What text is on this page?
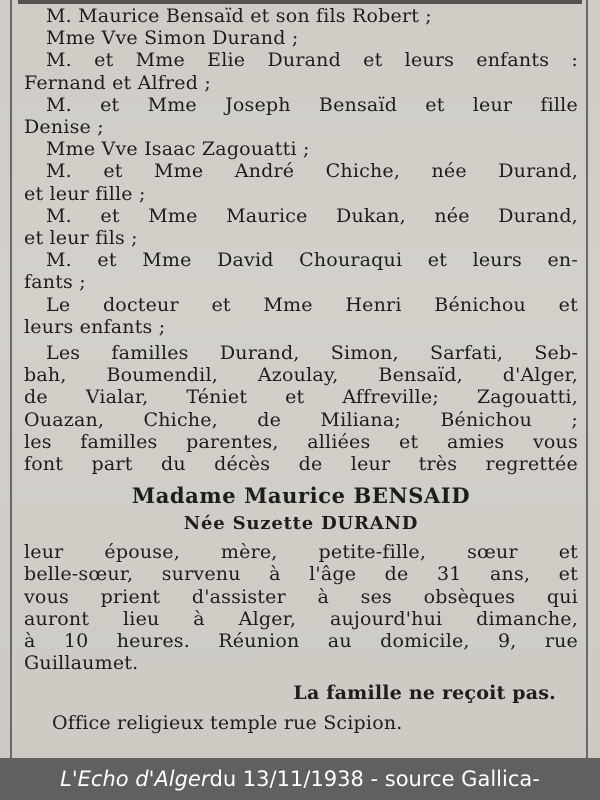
M. Maurice Bensaïd et son fils Robert ;
Mme Vve Simon Durand ;
M. et Mme Elie Durand et leurs enfants :
Fernand et Alfred ;
M. et Mme Joseph Bensaïd et leur fille
Denise ;
Mme Vve Isaac Zagouatti ;
M. et Mme André Chiche, née Durand,
et leur fille ;
M. et Mme Maurice Dukan, née Durand,
et leur fils ;
M. et Mme David Chouraqui et leurs en-
fants ;
Le docteur et Mme Henri Bénichou et
leurs enfants ;
Les familles Durand, Simon, Sarfati, Seb-
bah, Boumendil, Azoulay, Bensaïd, d'Alger,
de Vialar, Téniet et Affreville; Zagouatti,
Ouazan, Chiche, de Miliana; Bénichou ;
les familles parentes, alliées et amies vous
font part du décès de leur très regrettée
Madame Maurice BENSAID
Née Suzette DURAND
leur épouse, mère, petite-fille, sœur et
belle-sœur, survenu à l'âge de 31 ans, et
vous prient d'assister à ses obsèques qui
auront lieu à Alger, aujourd'hui dimanche,
à 10 heures. Réunion au domicile, 9, rue
Guillaumet.
La famille ne reçoit pas.
Office religieux temple rue Scipion.
L'Echo d'Alger du 13/11/1938 - source Gallica-
